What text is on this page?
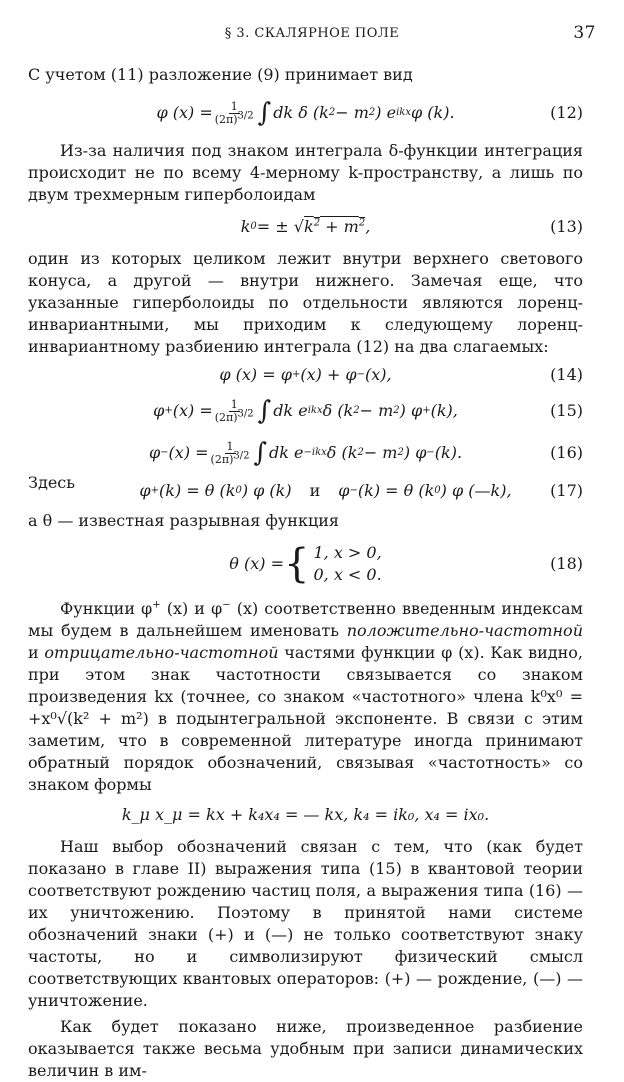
§ 3. СКАЛЯРНОЕ ПОЛЕ	37

С учетом (11) разложение (9) принимает вид

φ $(x) = \frac{1}{(2\pi)^{3/2}}$ ∫ dk δ (k 2 − m 2 ) e ikx φ (k).	(12)

Из-за наличия под знаком интеграла δ-функции интеграция происходит не по всему 4-мерному k-пространству, а лишь по двум трехмерным гиперболоидам

k 0 = ± √ $k^2 + m^2$ ,	(13)

один из которых целиком лежит внутри верхнего светового конуса, а другой — внутри нижнего. Замечая еще, что указанные гиперболоиды по отдельности являются лоренц-инвариантными, мы приходим к следующему лоренц-инвариантному разбиению интеграла (12) на два слагаемых:

φ (x) = φ + (x) + φ − (x),	(14)
$\varphi + (x) = \frac{1}{(2\pi)^{3/2}}$ ∫ dk e ikx δ (k 2 − m 2 ) φ + (k),	(15)
$\varphi - (x) = \frac{1}{(2\pi)^{3/2}}$ ∫ dk e −ikx δ (k 2 − m 2 ) φ − (k).	(16)
Здесь	φ + (k) = θ (k 0 ) φ (k) и φ − (k) = θ (k 0 ) φ (—k), (17)

а θ — известная разрывная функция

θ (x) = { 1, x > 0,
0, x < 0.
(18)

Функции φ+ (x) и φ− (x) соответственно введенным индексам мы будем в дальнейшем именовать положительно-частотной и отрицательно-частотной частями функции φ (x). Как видно, при этом знак частотности связывается со знаком произведения kx (точнее, со знаком «частотного» члена k⁰x⁰ = +x⁰√(k² + m²) в подынтегральной экспоненте. В связи с этим заметим, что в современной литературе иногда принимают обратный порядок обозначений, связывая «частотность» со знаком формы

k_μ x_μ = kx + k₄x₄ = — kx, k₄ = ik₀, x₄ = ix₀.

Наш выбор обозначений связан с тем, что (как будет показано в главе II) выражения типа (15) в квантовой теории соответствуют рождению частиц поля, а выражения типа (16) — их уничтожению. Поэтому в принятой нами системе обозначений знаки (+) и (—) не только соответствуют знаку частоты, но и символизируют физический смысл соответствующих квантовых операторов: (+) — рождение, (—) — уничтожение.

Как будет показано ниже, произведенное разбиение оказывается также весьма удобным при записи динамических величин в им-
